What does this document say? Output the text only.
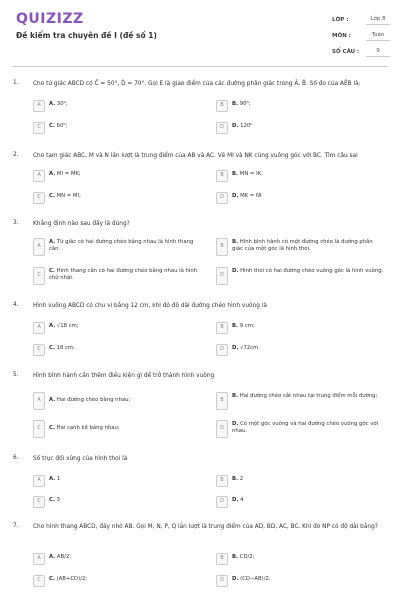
QUIZIZZ
Đề kiểm tra chuyên đề I (đề số 1)
LỚP :	Lớp 8
MÔN :	Toán
SỐ CÂU :	9
1. Cho tứ giác ABCD có Ĉ = 50°, D̂ = 70°. Gọi E là giao điểm của các đường phân giác trong Â, B̂. Số đo của AÊB là:
A	A. 30⁰;	B	B. 90⁰;
C	C. 60⁰;	D	D. 120⁰
2. Cho tam giác ABC, M và N lần lượt là trung điểm của AB và AC. Vẽ MI và NK cùng vuông góc với BC. Tìm câu sai
A	A. MI = MK;	B	B. MN = IK;
C	C. MN = MI;	D	D. MK = NI
3. Khẳng định nào sau đây là đúng?
A
A. Tứ giác có hai đường chéo bằng nhau là hình thang cân.	B
B. Hình bình hành có một đường chéo là đường phân giác của một góc là hình thoi.
C
C. Hình thang cân có hai đường chéo bằng nhau là hình chữ nhật.	D
D. Hình thoi có hai đường chéo vuông góc là hình vuông.
4. Hình vuông ABCD có chu vi bằng 12 cm, khi đó độ dài đường chéo hình vuông là
A	A. √18 cm;	B	B. 9 cm;
C	C. 18 cm;	D	D. √72cm.
5. Hình bình hành cần thêm điều kiện gì để trở thành hình vuông
A	A. Hai đường chéo bằng nhau;	B
B. Hai đường chéo cắt nhau tại trung điểm mỗi đường;
C	C. Hai cạnh kề bằng nhau;	D
D. Có một góc vuông và hai đường chéo vuông góc với nhau.
6. Số trục đối xứng của hình thoi là
A	A. 1	B	B. 2
C	C. 3	D	D. 4
7. Cho hình thang ABCD, đáy nhỏ AB. Gọi M, N, P, Q lần lượt là trung điểm của AD, BD, AC, BC. Khi đó NP có độ dài bằng?
A	A. AB/2;	B	B. CD/2;
C	C. (AB+CD)/2;	D	D. (CD−AB)/2.
